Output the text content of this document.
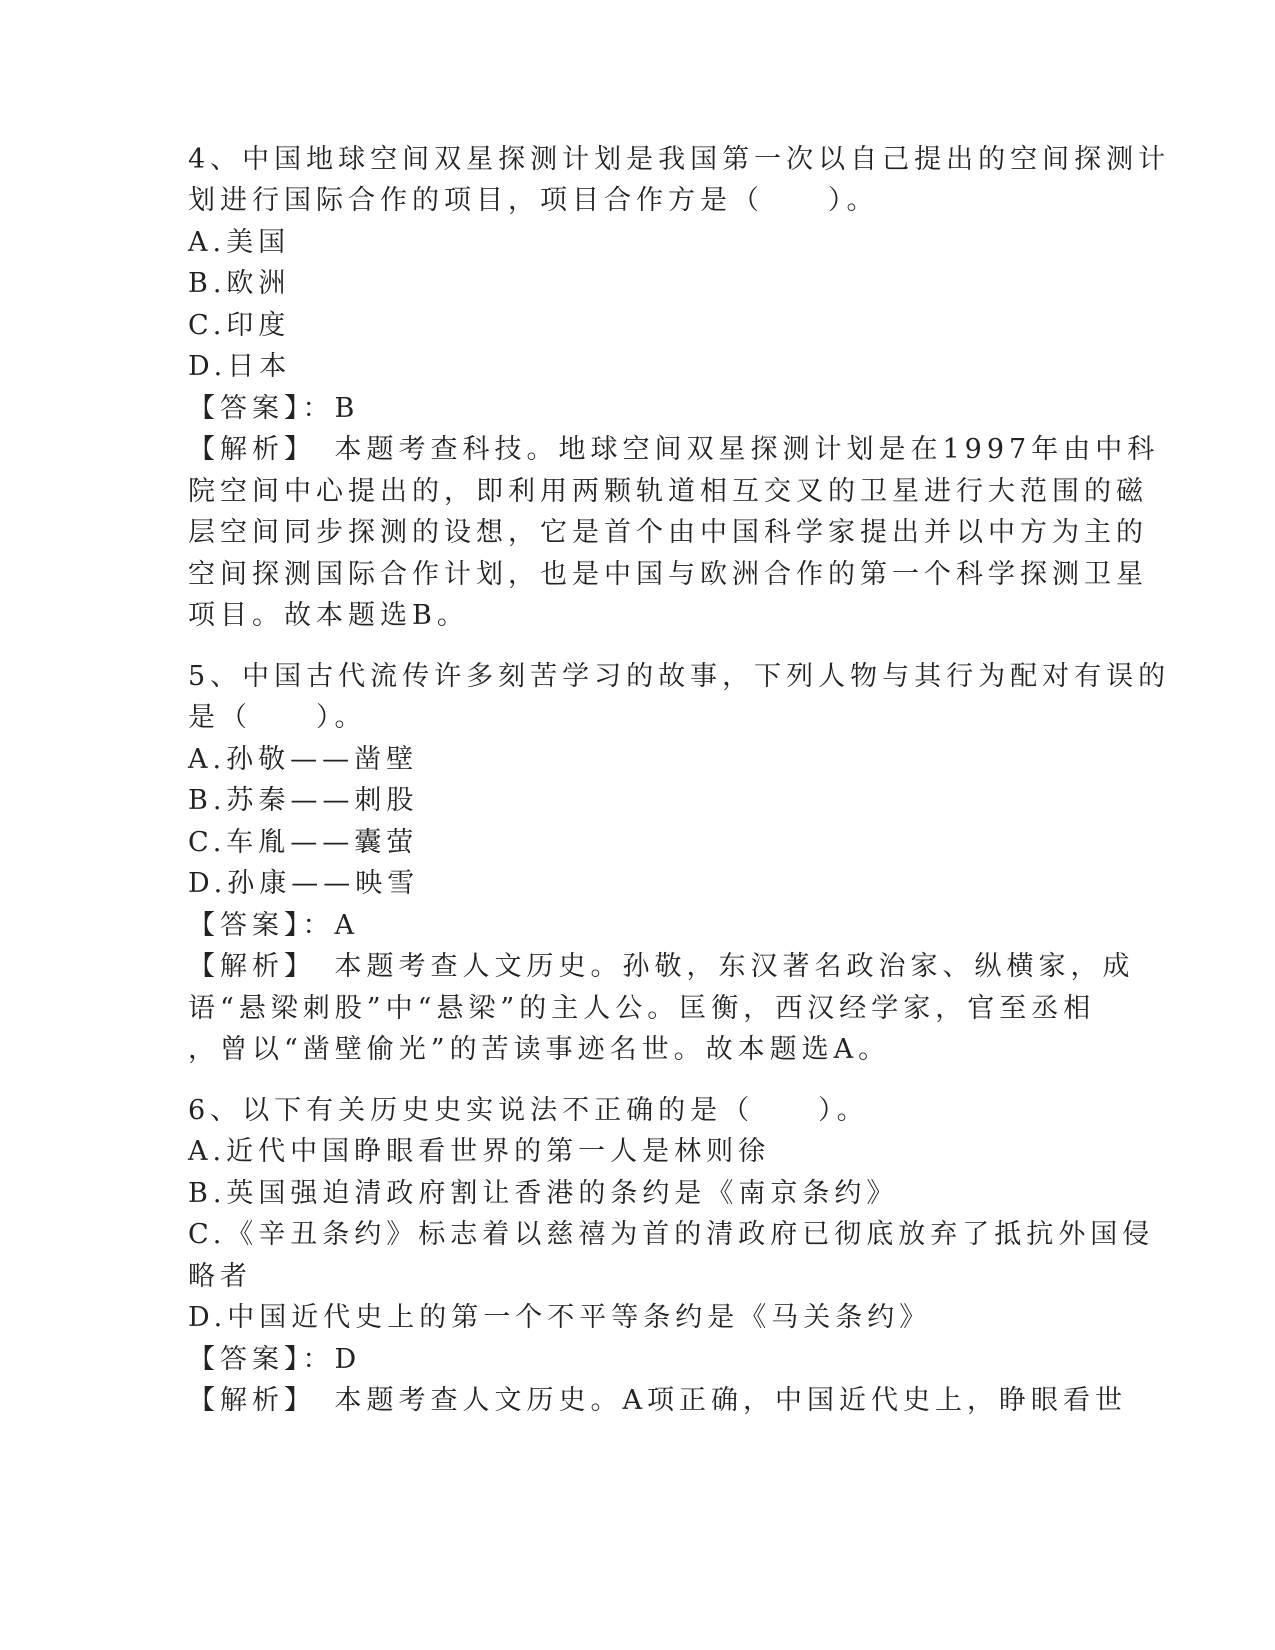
4、中国地球空间双星探测计划是我国第一次以自己提出的空间探测计
划进行国际合作的项目，项目合作方是（　　）。
A.美国
B.欧洲
C.印度
D.日本
【答案】：B
【解析】　本题考查科技。地球空间双星探测计划是在1997年由中科
院空间中心提出的，即利用两颗轨道相互交叉的卫星进行大范围的磁
层空间同步探测的设想，它是首个由中国科学家提出并以中方为主的
空间探测国际合作计划，也是中国与欧洲合作的第一个科学探测卫星
项目。故本题选B。
5、中国古代流传许多刻苦学习的故事，下列人物与其行为配对有误的
是（　　）。
A.孙敬——凿壁
B.苏秦——刺股
C.车胤——囊萤
D.孙康——映雪
【答案】：A
【解析】　本题考查人文历史。孙敬，东汉著名政治家、纵横家，成
语“悬梁刺股”中“悬梁”的主人公。匡衡，西汉经学家，官至丞相
，曾以“凿壁偷光”的苦读事迹名世。故本题选A。
6、以下有关历史史实说法不正确的是（　　）。
A.近代中国睁眼看世界的第一人是林则徐
B.英国强迫清政府割让香港的条约是《南京条约》
C.《辛丑条约》标志着以慈禧为首的清政府已彻底放弃了抵抗外国侵
略者
D.中国近代史上的第一个不平等条约是《马关条约》
【答案】：D
【解析】　本题考查人文历史。A项正确，中国近代史上，睁眼看世
